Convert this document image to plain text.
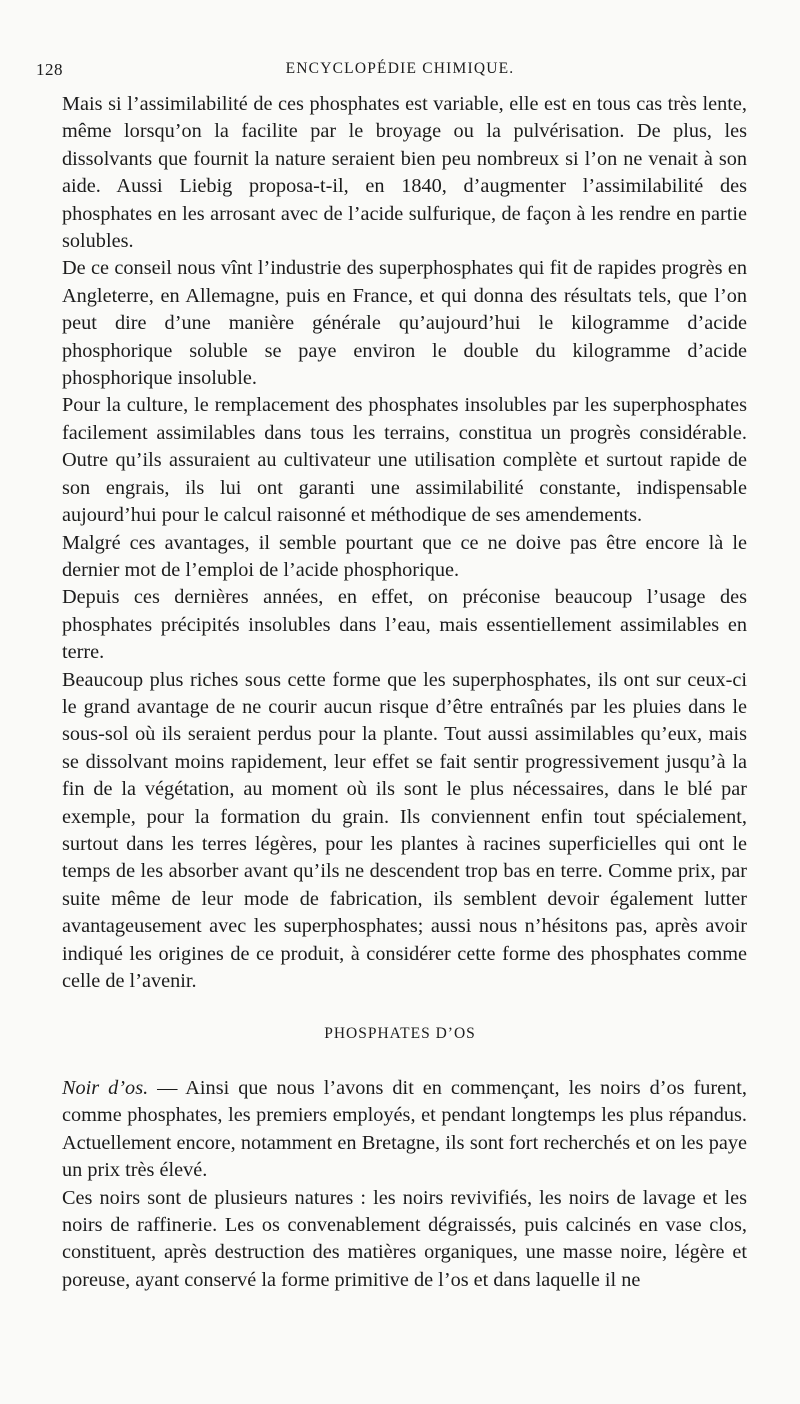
128	ENCYCLOPÉDIE CHIMIQUE.

Mais si l’assimilabilité de ces phosphates est variable, elle est en tous cas très lente, même lorsqu’on la facilite par le broyage ou la pulvérisation. De plus, les dissolvants que fournit la nature seraient bien peu nombreux si l’on ne venait à son aide. Aussi Liebig proposa-t-il, en 1840, d’augmenter l’assimilabilité des phosphates en les arrosant avec de l’acide sulfurique, de façon à les rendre en partie solubles.

De ce conseil nous vînt l’industrie des superphosphates qui fit de rapides progrès en Angleterre, en Allemagne, puis en France, et qui donna des résultats tels, que l’on peut dire d’une manière générale qu’aujourd’hui le kilogramme d’acide phosphorique soluble se paye environ le double du kilogramme d’acide phosphorique insoluble.

Pour la culture, le remplacement des phosphates insolubles par les superphosphates facilement assimilables dans tous les terrains, constitua un progrès considérable. Outre qu’ils assuraient au cultivateur une utilisation complète et surtout rapide de son engrais, ils lui ont garanti une assimilabilité constante, indispensable aujourd’hui pour le calcul raisonné et méthodique de ses amendements.

Malgré ces avantages, il semble pourtant que ce ne doive pas être encore là le dernier mot de l’emploi de l’acide phosphorique.

Depuis ces dernières années, en effet, on préconise beaucoup l’usage des phosphates précipités insolubles dans l’eau, mais essentiellement assimilables en terre.

Beaucoup plus riches sous cette forme que les superphosphates, ils ont sur ceux-ci le grand avantage de ne courir aucun risque d’être entraînés par les pluies dans le sous-sol où ils seraient perdus pour la plante. Tout aussi assimilables qu’eux, mais se dissolvant moins rapidement, leur effet se fait sentir progressivement jusqu’à la fin de la végétation, au moment où ils sont le plus nécessaires, dans le blé par exemple, pour la formation du grain. Ils conviennent enfin tout spécialement, surtout dans les terres légères, pour les plantes à racines superficielles qui ont le temps de les absorber avant qu’ils ne descendent trop bas en terre. Comme prix, par suite même de leur mode de fabrication, ils semblent devoir également lutter avantageusement avec les superphosphates; aussi nous n’hésitons pas, après avoir indiqué les origines de ce produit, à considérer cette forme des phosphates comme celle de l’avenir.

PHOSPHATES D’OS

Noir d’os. — Ainsi que nous l’avons dit en commençant, les noirs d’os furent, comme phosphates, les premiers employés, et pendant longtemps les plus répandus. Actuellement encore, notamment en Bretagne, ils sont fort recherchés et on les paye un prix très élevé.

Ces noirs sont de plusieurs natures : les noirs revivifiés, les noirs de lavage et les noirs de raffinerie. Les os convenablement dégraissés, puis calcinés en vase clos, constituent, après destruction des matières organiques, une masse noire, légère et poreuse, ayant conservé la forme primitive de l’os et dans laquelle il ne
